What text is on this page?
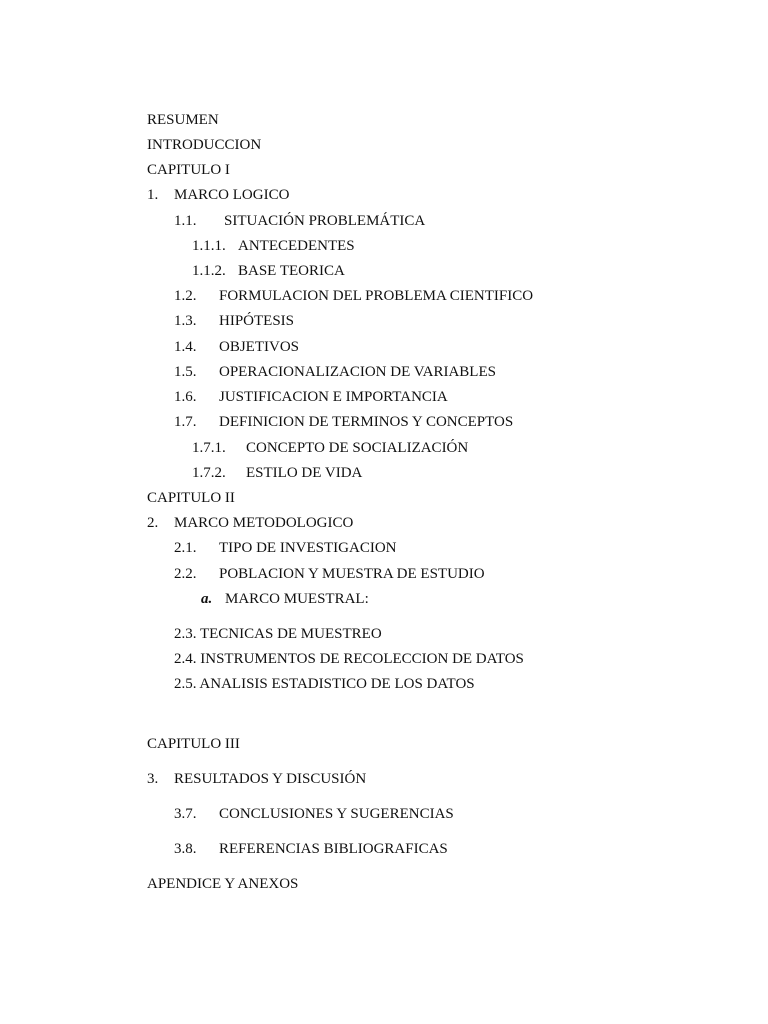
RESUMEN
INTRODUCCION
CAPITULO I
1. MARCO LOGICO
1.1. SITUACIÓN PROBLEMÁTICA
1.1.1. ANTECEDENTES
1.1.2. BASE TEORICA
1.2. FORMULACION DEL PROBLEMA CIENTIFICO
1.3. HIPÓTESIS
1.4. OBJETIVOS
1.5. OPERACIONALIZACION DE VARIABLES
1.6. JUSTIFICACION E IMPORTANCIA
1.7. DEFINICION DE TERMINOS Y CONCEPTOS
1.7.1. CONCEPTO DE SOCIALIZACIÓN
1.7.2. ESTILO DE VIDA
CAPITULO II
2. MARCO METODOLOGICO
2.1. TIPO DE INVESTIGACION
2.2. POBLACION Y MUESTRA DE ESTUDIO
a. MARCO MUESTRAL:
2.3. TECNICAS DE MUESTREO
2.4. INSTRUMENTOS DE RECOLECCION DE DATOS
2.5. ANALISIS ESTADISTICO DE LOS DATOS
CAPITULO III
3. RESULTADOS Y DISCUSIÓN
3.7. CONCLUSIONES Y SUGERENCIAS
3.8. REFERENCIAS BIBLIOGRAFICAS
APENDICE Y ANEXOS
